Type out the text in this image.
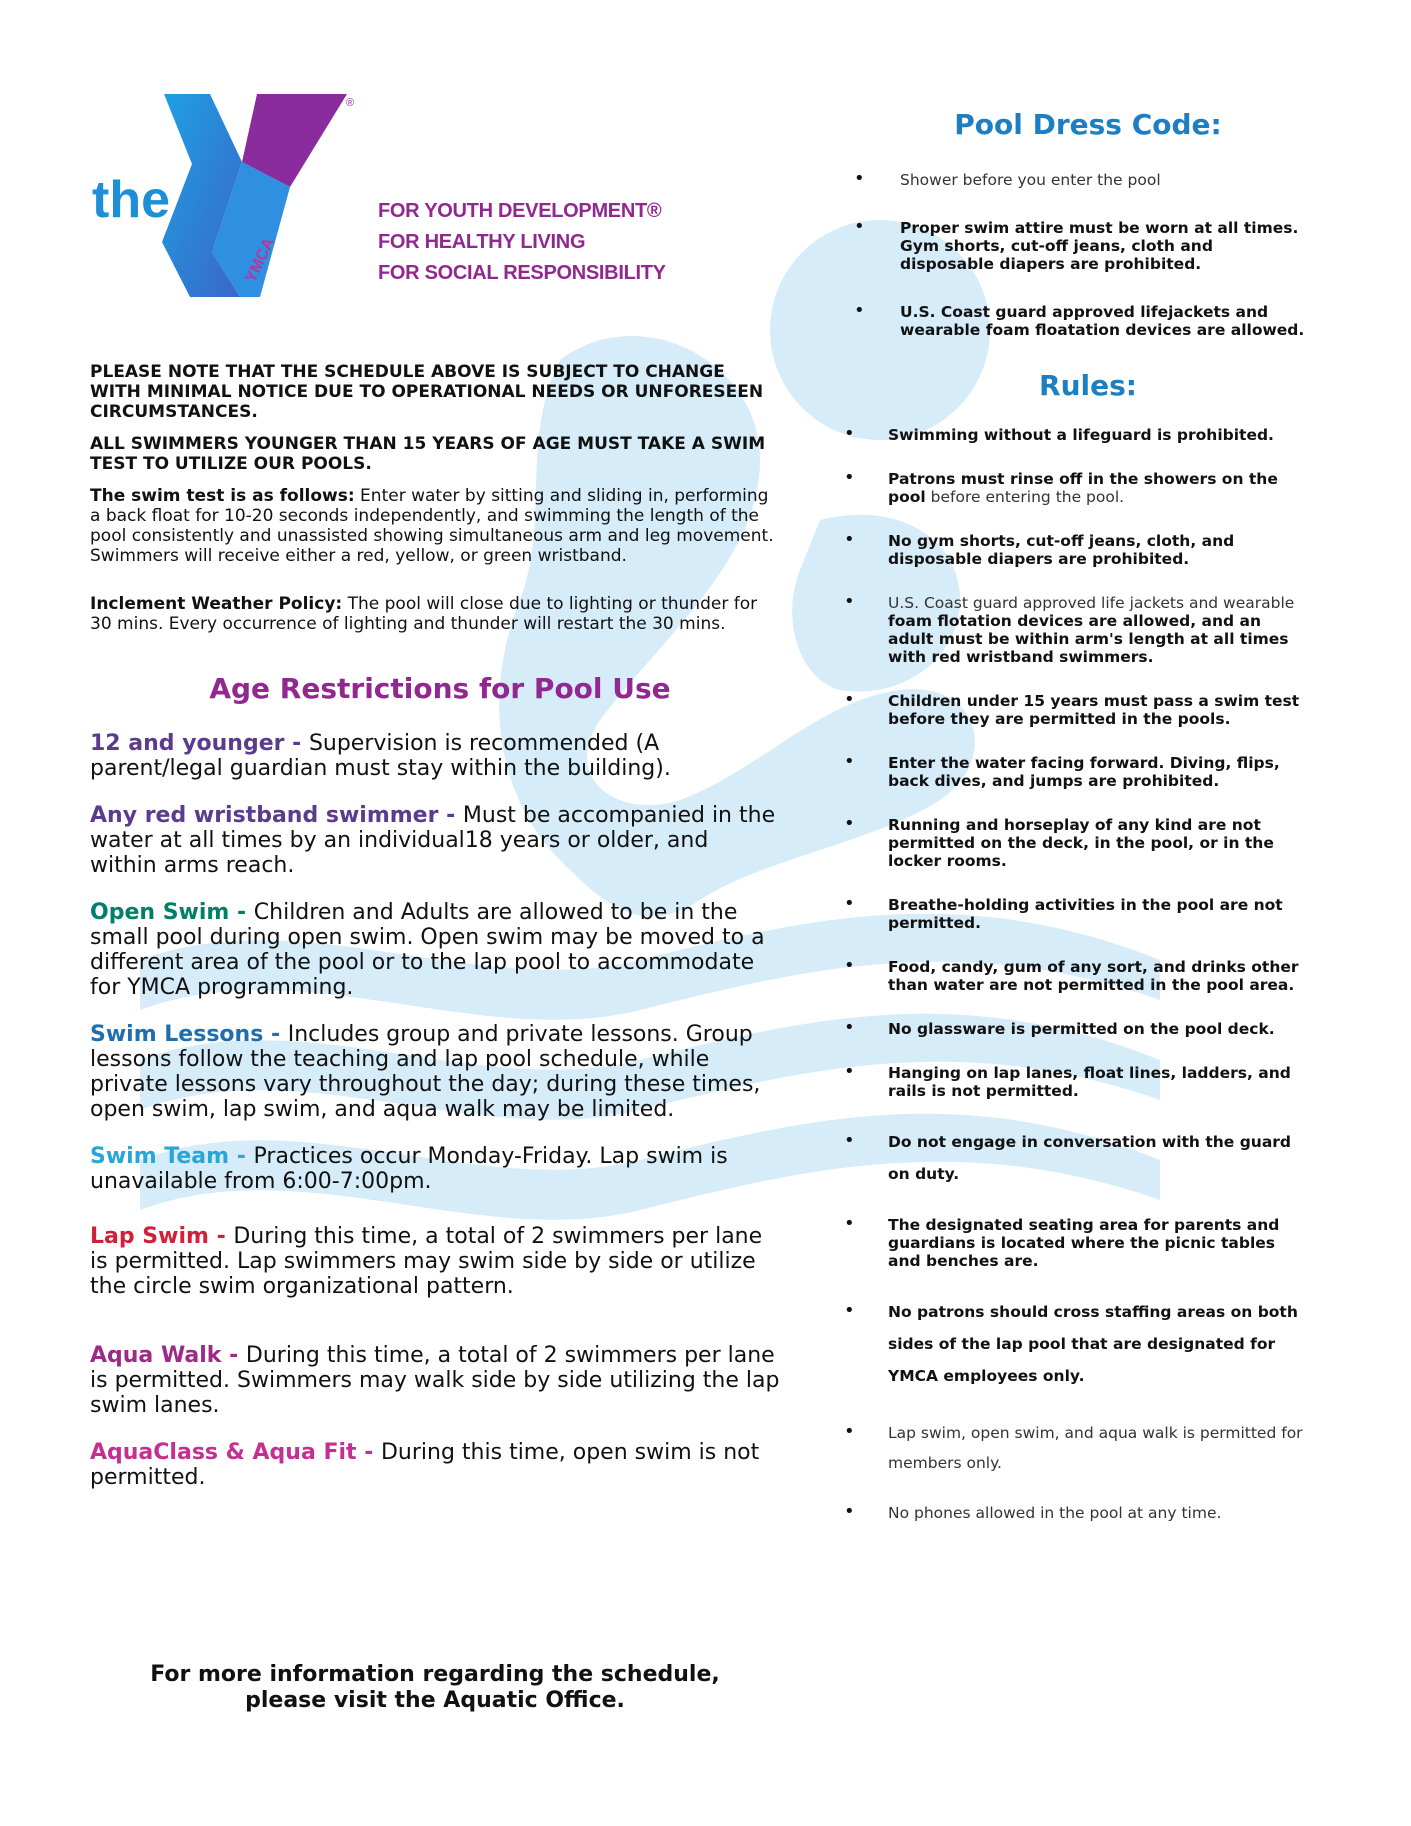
the
YMCA
®
FOR YOUTH DEVELOPMENT®
FOR HEALTHY LIVING
FOR SOCIAL RESPONSIBILITY

PLEASE NOTE THAT THE SCHEDULE ABOVE IS SUBJECT TO CHANGE WITH MINIMAL NOTICE DUE TO OPERATIONAL NEEDS OR UNFORESEEN CIRCUMSTANCES.

ALL SWIMMERS YOUNGER THAN 15 YEARS OF AGE MUST TAKE A SWIM TEST TO UTILIZE OUR POOLS.

The swim test is as follows: Enter water by sitting and sliding in, performing a back float for 10-20 seconds independently, and swimming the length of the pool consistently and unassisted showing simultaneous arm and leg movement. Swimmers will receive either a red, yellow, or green wristband.

Inclement Weather Policy: The pool will close due to lighting or thunder for 30 mins. Every occurrence of lighting and thunder will restart the 30 mins.

Age Restrictions for Pool Use
12 and younger - Supervision is recommended (A parent/legal guardian must stay within the building).
Any red wristband swimmer - Must be accompanied in the water at all times by an individual18 years or older, and within arms reach.
Open Swim - Children and Adults are allowed to be in the small pool during open swim. Open swim may be moved to a different area of the pool or to the lap pool to accommodate for YMCA programming.
Swim Lessons - Includes group and private lessons. Group lessons follow the teaching and lap pool schedule, while private lessons vary throughout the day; during these times, open swim, lap swim, and aqua walk may be limited.
Swim Team - Practices occur Monday-Friday. Lap swim is unavailable from 6:00-7:00pm.
Lap Swim - During this time, a total of 2 swimmers per lane is permitted. Lap swimmers may swim side by side or utilize the circle swim organizational pattern.
Aqua Walk - During this time, a total of 2 swimmers per lane is permitted. Swimmers may walk side by side utilizing the lap swim lanes.
AquaClass & Aqua Fit - During this time, open swim is not permitted.
For more information regarding the schedule,
please visit the Aquatic Office.
Pool Dress Code:
• Shower before you enter the pool
• Proper swim attire must be worn at all times. Gym shorts, cut-off jeans, cloth and disposable diapers are prohibited.
• U.S. Coast guard approved lifejackets and wearable foam floatation devices are allowed.
Rules:
• Swimming without a lifeguard is prohibited.
• Patrons must rinse off in the showers on the pool before entering the pool.
• No gym shorts, cut-off jeans, cloth, and disposable diapers are prohibited.
• U.S. Coast guard approved life jackets and wearable foam flotation devices are allowed, and an adult must be within arm's length at all times with red wristband swimmers.
• Children under 15 years must pass a swim test before they are permitted in the pools.
• Enter the water facing forward. Diving, flips, back dives, and jumps are prohibited.
• Running and horseplay of any kind are not permitted on the deck, in the pool, or in the locker rooms.
• Breathe-holding activities in the pool are not permitted.
• Food, candy, gum of any sort, and drinks other than water are not permitted in the pool area.
• No glassware is permitted on the pool deck.
• Hanging on lap lanes, float lines, ladders, and rails is not permitted.
• Do not engage in conversation with the guard on duty.
• The designated seating area for parents and guardians is located where the picnic tables and benches are.
• No patrons should cross staffing areas on both sides of the lap pool that are designated for YMCA employees only.
• Lap swim, open swim, and aqua walk is permitted for members only.
• No phones allowed in the pool at any time.
